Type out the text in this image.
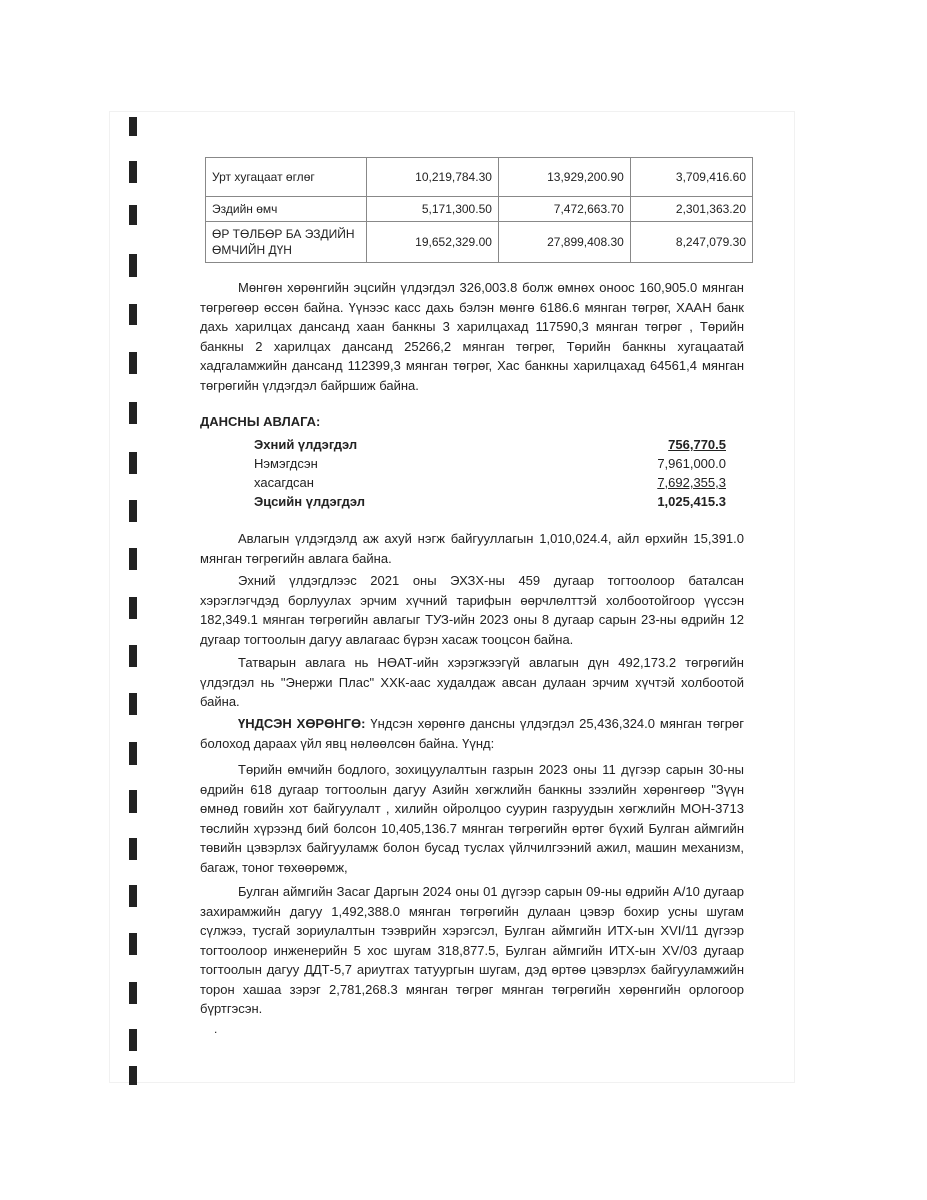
Урт хугацаат өглөг	10,219,784.30	13,929,200.90	3,709,416.60
Эздийн өмч	5,171,300.50	7,472,663.70	2,301,363.20
ӨР ТӨЛБӨР БА ЭЗДИЙН ӨМЧИЙН ДҮН	19,652,329.00	27,899,408.30	8,247,079.30

Мөнгөн хөрөнгийн эцсийн үлдэгдэл 326,003.8 болж өмнөх оноос 160,905.0 мянган төгрөгөөр өссөн байна. Үүнээс касс дахь бэлэн мөнгө 6186.6 мянган төгрөг, ХААН банк дахь харилцах дансанд хаан банкны 3 харилцахад 117590,3 мянган төгрөг , Төрийн банкны 2 харилцах дансанд 25266,2 мянган төгрөг, Төрийн банкны хугацаатай хадгаламжийн дансанд 112399,3 мянган төгрөг, Хас банкны харилцахад 64561,4 мянган төгрөгийн үлдэгдэл байршиж байна.

ДАНСНЫ АВЛАГА:
Эхний үлдэгдэл	756,770.5
Нэмэгдсэн	7,961,000.0
хасагдсан	7,692,355,3
Эцсийн үлдэгдэл	1,025,415.3

Авлагын үлдэгдэлд аж ахуй нэгж байгууллагын 1,010,024.4, айл өрхийн 15,391.0 мянган төгрөгийн авлага байна.

Эхний үлдэгдлээс 2021 оны ЭХЗХ-ны 459 дугаар тогтоолоор баталсан хэрэглэгчдэд борлуулах эрчим хүчний тарифын өөрчлөлттэй холбоотойгоор үүссэн 182,349.1 мянган төгрөгийн авлагыг ТУЗ-ийн 2023 оны 8 дугаар сарын 23-ны өдрийн 12 дугаар тогтоолын дагуу авлагаас бүрэн хасаж тооцсон байна.

Татварын авлага нь НӨАТ-ийн хэрэгжээгүй авлагын дүн 492,173.2 төгрөгийн үлдэгдэл нь "Энержи Плас" ХХК-аас худалдаж авсан дулаан эрчим хүчтэй холбоотой байна.

ҮНДСЭН ХӨРӨНГӨ: Үндсэн хөрөнгө дансны үлдэгдэл 25,436,324.0 мянган төгрөг болоход дараах үйл явц нөлөөлсөн байна. Үүнд:

Төрийн өмчийн бодлого, зохицуулалтын газрын 2023 оны 11 дүгээр сарын 30-ны өдрийн 618 дугаар тогтоолын дагуу Азийн хөгжлийн банкны зээлийн хөрөнгөөр "Зүүн өмнөд говийн хот байгуулалт , хилийн ойролцоо суурин газруудын хөгжлийн МОН-3713 төслийн хүрээнд бий болсон 10,405,136.7 мянган төгрөгийн өртөг бүхий Булган аймгийн төвийн цэвэрлэх байгууламж болон бусад туслах үйлчилгээний ажил, машин механизм, багаж, тоног төхөөрөмж,

Булган аймгийн Засаг Даргын 2024 оны 01 дүгээр сарын 09-ны өдрийн А/10 дугаар захирамжийн дагуу 1,492,388.0 мянган төгрөгийн дулаан цэвэр бохир усны шугам сүлжээ, тусгай зориулалтын тээврийн хэрэгсэл, Булган аймгийн ИТХ-ын XVI/11 дүгээр тогтоолоор инженерийн 5 хос шугам 318,877.5, Булган аймгийн ИТХ-ын XV/03 дугаар тогтоолын дагуу ДДТ-5,7 ариутгах татуургын шугам, дэд өртөө цэвэрлэх байгууламжийн торон хашаа зэрэг 2,781,268.3 мянган төгрөг мянган төгрөгийн хөрөнгийн орлогоор бүртгэсэн.

.
